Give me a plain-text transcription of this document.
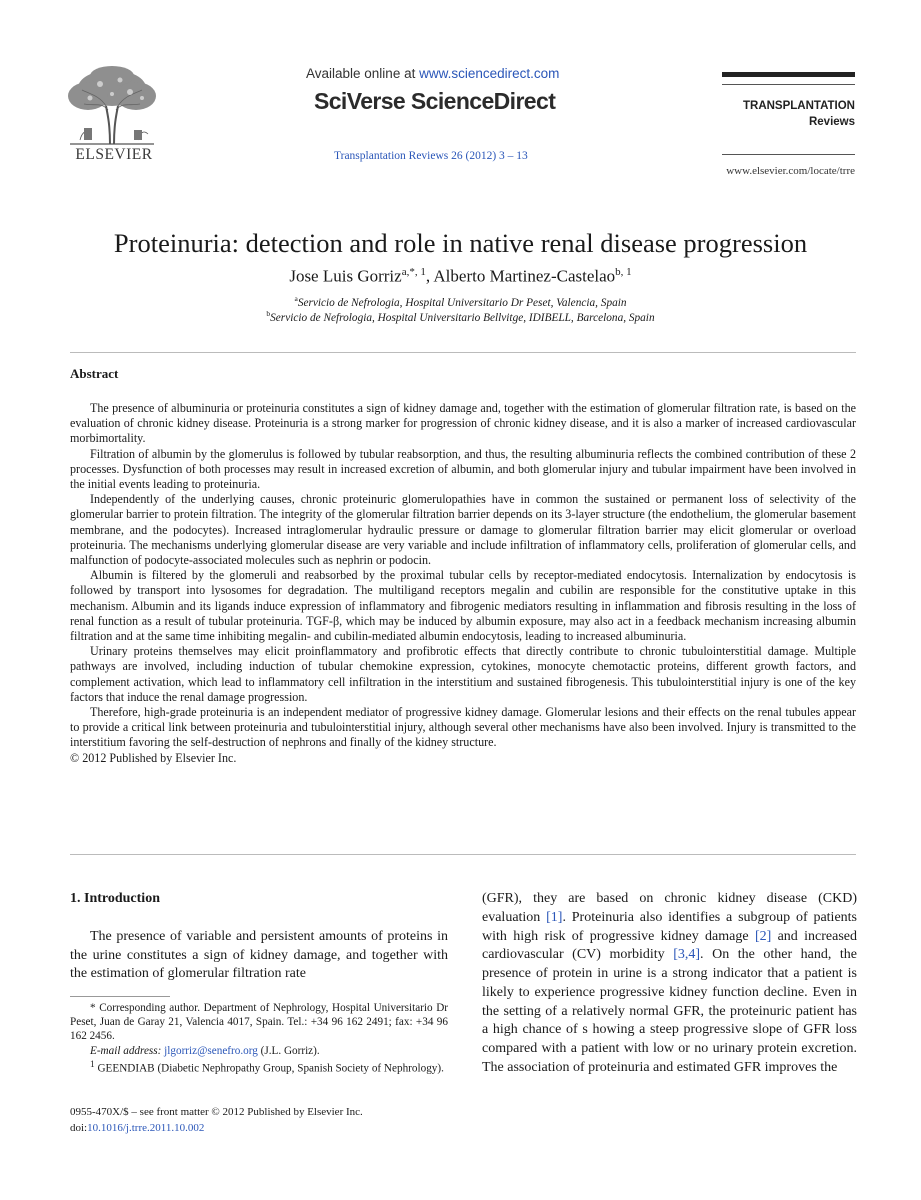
ELSEVIER
Available online at www.sciencedirect.com
SciVerse ScienceDirect
Transplantation Reviews 26 (2012) 3 – 13
TRANSPLANTATION
Reviews
www.elsevier.com/locate/trre
Proteinuria: detection and role in native renal disease progression
Jose Luis Gorriz$^{a,*, 1}$, Alberto Martinez-Castelao$^{b, 1}$
$^a$Servicio de Nefrologia, Hospital Universitario Dr Peset, Valencia, Spain
$^b$Servicio de Nefrologia, Hospital Universitario Bellvitge, IDIBELL, Barcelona, Spain
Abstract

The presence of albuminuria or proteinuria constitutes a sign of kidney damage and, together with the estimation of glomerular filtration rate, is based on the evaluation of chronic kidney disease. Proteinuria is a strong marker for progression of chronic kidney disease, and it is also a marker of increased cardiovascular morbimortality.

Filtration of albumin by the glomerulus is followed by tubular reabsorption, and thus, the resulting albuminuria reflects the combined contribution of these 2 processes. Dysfunction of both processes may result in increased excretion of albumin, and both glomerular injury and tubular impairment have been involved in the initial events leading to proteinuria.

Independently of the underlying causes, chronic proteinuric glomerulopathies have in common the sustained or permanent loss of selectivity of the glomerular barrier to protein filtration. The integrity of the glomerular filtration barrier depends on its 3-layer structure (the endothelium, the glomerular basement membrane, and the podocytes). Increased intraglomerular hydraulic pressure or damage to glomerular filtration barrier may elicit glomerular or overload proteinuria. The mechanisms underlying glomerular disease are very variable and include infiltration of inflammatory cells, proliferation of glomerular cells, and malfunction of podocyte-associated molecules such as nephrin or podocin.

Albumin is filtered by the glomeruli and reabsorbed by the proximal tubular cells by receptor-mediated endocytosis. Internalization by endocytosis is followed by transport into lysosomes for degradation. The multiligand receptors megalin and cubilin are responsible for the constitutive uptake in this mechanism. Albumin and its ligands induce expression of inflammatory and fibrogenic mediators resulting in inflammation and fibrosis resulting in the loss of renal function as a result of tubular proteinuria. TGF-β, which may be induced by albumin exposure, may also act in a feedback mechanism increasing albumin filtration and at the same time inhibiting megalin- and cubilin-mediated albumin endocytosis, leading to increased albuminuria.

Urinary proteins themselves may elicit proinflammatory and profibrotic effects that directly contribute to chronic tubulointerstitial damage. Multiple pathways are involved, including induction of tubular chemokine expression, cytokines, monocyte chemotactic proteins, different growth factors, and complement activation, which lead to inflammatory cell infiltration in the interstitium and sustained fibrogenesis. This tubulointerstitial injury is one of the key factors that induce the renal damage progression.

Therefore, high-grade proteinuria is an independent mediator of progressive kidney damage. Glomerular lesions and their effects on the renal tubules appear to provide a critical link between proteinuria and tubulointerstitial injury, although several other mechanisms have also been involved. Injury is transmitted to the interstitium favoring the self-destruction of nephrons and finally of the kidney structure.

© 2012 Published by Elsevier Inc.

1. Introduction

The presence of variable and persistent amounts of proteins in the urine constitutes a sign of kidney damage, and together with the estimation of glomerular filtration rate

* Corresponding author. Department of Nephrology, Hospital Universitario Dr Peset, Juan de Garay 21, Valencia 4017, Spain. Tel.: +34 96 162 2491; fax: +34 96 162 2456.

E-mail address: jlgorriz@senefro.org (J.L. Gorriz).

$^1$ GEENDIAB (Diabetic Nephropathy Group, Spanish Society of Nephrology).

0955-470X/$ – see front matter © 2012 Published by Elsevier Inc.
doi:10.1016/j.trre.2011.10.002

(GFR), they are based on chronic kidney disease (CKD) evaluation [1]. Proteinuria also identifies a subgroup of patients with high risk of progressive kidney damage [2] and increased cardiovascular (CV) morbidity [3,4]. On the other hand, the presence of protein in urine is a strong indicator that a patient is likely to experience progressive kidney function decline. Even in the setting of a relatively normal GFR, the proteinuric patient has a high chance of s howing a steep progressive slope of GFR loss compared with a patient with low or no urinary protein excretion. The association of proteinuria and estimated GFR improves the
